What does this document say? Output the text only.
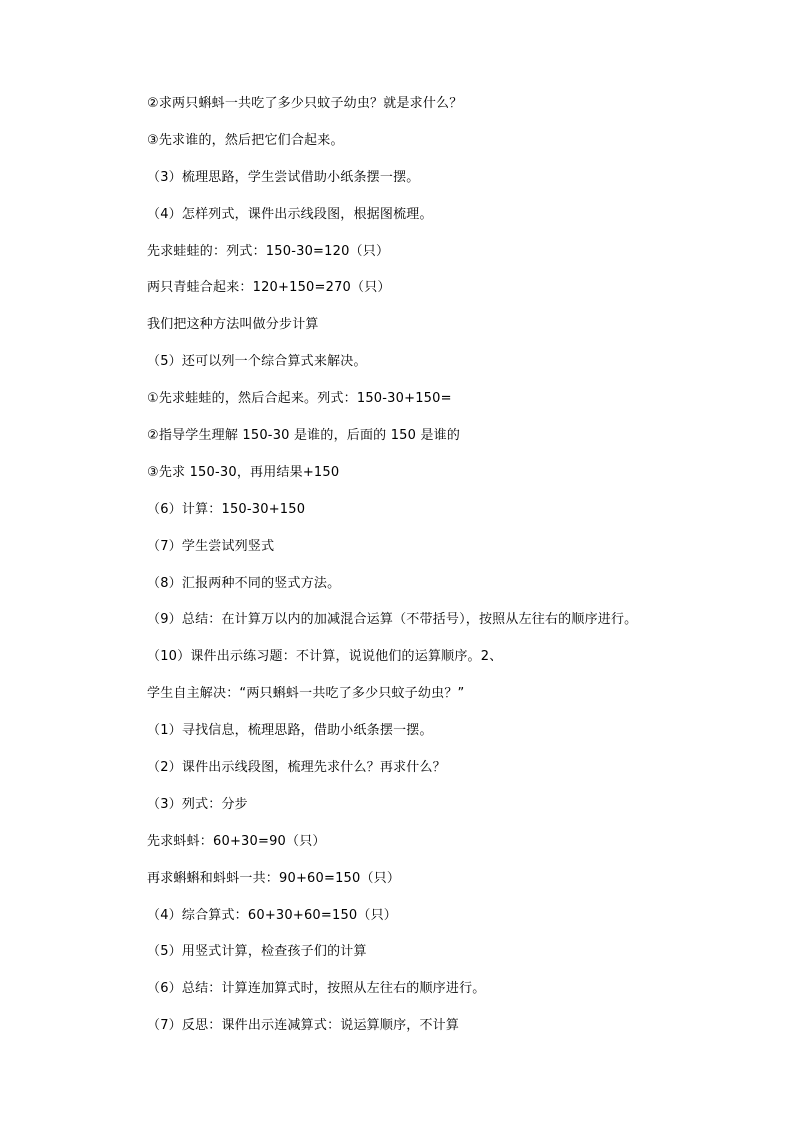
②求两只蝌蚪一共吃了多少只蚊子幼虫？就是求什么？
③先求谁的，然后把它们合起来。
（3）梳理思路，学生尝试借助小纸条摆一摆。
（4）怎样列式，课件出示线段图，根据图梳理。
先求蛙蛙的：列式：150-30=120（只）
两只青蛙合起来：120+150=270（只）
我们把这种方法叫做分步计算
（5）还可以列一个综合算式来解决。
①先求蛙蛙的，然后合起来。列式：150-30+150=
②指导学生理解 150-30 是谁的，后面的 150 是谁的
③先求 150-30，再用结果+150
（6）计算：150-30+150
（7）学生尝试列竖式
（8）汇报两种不同的竖式方法。
（9）总结：在计算万以内的加减混合运算（不带括号），按照从左往右的顺序进行。
（10）课件出示练习题：不计算，说说他们的运算顺序。2、
学生自主解决：“两只蝌蚪一共吃了多少只蚊子幼虫？”
（1）寻找信息，梳理思路，借助小纸条摆一摆。
（2）课件出示线段图，梳理先求什么？再求什么？
（3）列式：分步
先求蚪蚪：60+30=90（只）
再求蝌蝌和蚪蚪一共：90+60=150（只）
（4）综合算式：60+30+60=150（只）
（5）用竖式计算，检查孩子们的计算
（6）总结：计算连加算式时，按照从左往右的顺序进行。
（7）反思：课件出示连减算式：说运算顺序，不计算
